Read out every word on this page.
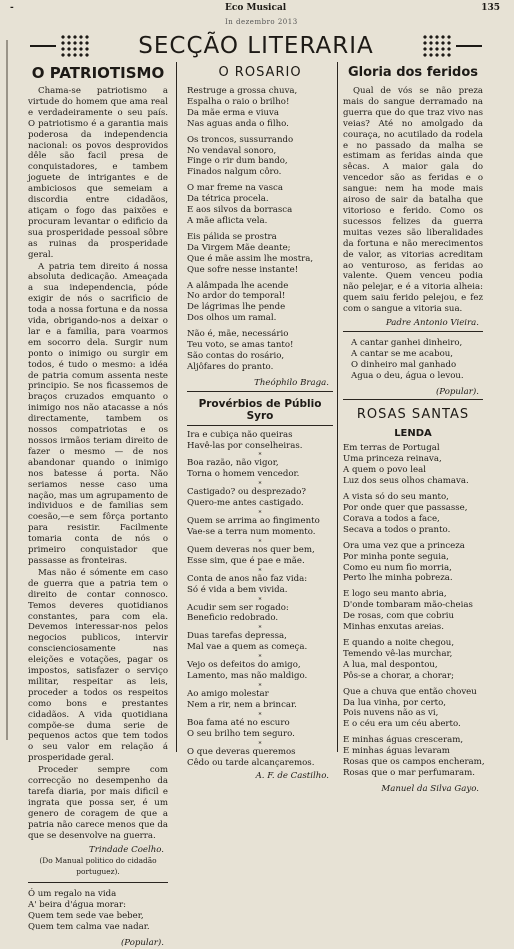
-	Eco Musical	135
In dezembro 2013
SECÇÃO LITERARIA
O PATRIOTISMO

Chama-se patriotismo a virtude do homem que ama real e verdadeiramente o seu país. O patriotismo é a garantia mais poderosa da independencia nacional: os povos desprovidos dêle são facil presa de conquistadores, e tambem joguete de intrigantes e de ambiciosos que semeiam a discordia entre cidadãos, atiçam o fogo das paixões e procuram levantar o edificio da sua prosperidade pessoal sôbre as ruinas da prosperidade geral.

A patria tem direito á nossa absoluta dedicação. Ameaçada a sua independencia, póde exigir de nós o sacrificio de toda a nossa fortuna e da nossa vida, obrigando-nos a deixar o lar e a familia, para voarmos em socorro dela. Surgir num ponto o inimigo ou surgir em todos, é tudo o mesmo: a idéa de patria comum assenta neste principio. Se nos ficassemos de braços cruzados emquanto o inimigo nos não atacasse a nós directamente, tambem os nossos compatriotas e os nossos irmãos teriam direito de fazer o mesmo — de nos abandonar quando o inimigo nos batesse á porta. Não seriamos nesse caso uma nação, mas um agrupamento de individuos e de familias sem coesão,—e sem fôrça portanto para resistir. Facilmente tomaria conta de nós o primeiro conquistador que passasse as fronteiras.

Mas não é sómente em caso de guerra que a patria tem o direito de contar connosco. Temos deveres quotidianos constantes, para com ela. Devemos interessar-nos pelos negocios publicos, intervir conscienciosamente nas eleições e votações, pagar os impostos, satisfazer o serviço militar, respeitar as leis, proceder a todos os respeitos como bons e prestantes cidadãos. A vida quotidiana compõe-se duma serie de pequenos actos que tem todos o seu valor em relação á prosperidade geral.

Proceder sempre com correcção no desempenho da tarefa diaria, por mais dificil e ingrata que possa ser, é um genero de coragem de que a patria não carece menos que da que se desenvolve na guerra.

Trindade Coelho.
(Do Manual politico do cidadão portuguez).
Ó um regalo na vida
A' beira d'água morar:
Quem tem sede vae beber,
Quem tem calma vae nadar.
(Popular).
O ROSARIO
Restruge a grossa chuva,
Espalha o raio o brilho!
Da mãe erma e viuva
Nas aguas anda o filho.
Os troncos, sussurrando
No vendaval sonoro,
Finge o rir dum bando,
Finados nalgum côro.
O mar freme na vasca
Da tétrica procela.
E aos silvos da borrasca
A mãe aflicta vela.
Eis pálida se prostra
Da Virgem Mãe deante;
Que é mãe assim lhe mostra,
Que sofre nesse instante!
A alâmpada lhe acende
No ardor do temporal!
De lágrimas lhe pende
Dos olhos um ramal.
Não é, mãe, necessário
Teu voto, se amas tanto!
São contas do rosário,
Aljôfares do pranto.
Theóphilo Braga.
Provérbios de Públio Syro
Ira e cubiça não queiras
Havê-las por conselheiras.
*
Boa razão, não vigor,
Torna o homem vencedor.
*
Castigado? ou desprezado?
Quero-me antes castigado.
*
Quem se arrima ao fingimento
Vae-se a terra num momento.
*
Quem deveras nos quer bem,
Esse sim, que é pae e mãe.
*
Conta de anos não faz vida:
Só é vida a bem vivida.
*
Acudir sem ser rogado:
Beneficio redobrado.
*
Duas tarefas depressa,
Mal vae a quem as começa.
*
Vejo os defeitos do amigo,
Lamento, mas não maldigo.
*
Ao amigo molestar
Nem a rir, nem a brincar.
*
Boa fama até no escuro
O seu brilho tem seguro.
*
O que deveras queremos
Cêdo ou tarde alcançaremos.
A. F. de Castilho.
Gloria dos feridos

Qual de vós se não preza mais do sangue derramado na guerra que do que traz vivo nas veias? Até no amolgado da couraça, no acutilado da rodela e no passado da malha se estimam as feridas ainda que sêcas. A maior gala do vencedor são as feridas e o sangue: nem ha mode mais airoso de sair da batalha que vitorioso e ferido. Como os sucessos felizes da guerra muitas vezes são liberalidades da fortuna e não merecimentos de valor, as vitorias acreditam ao venturoso, as feridas ao valente. Quem venceu podia não pelejar, e é a vitoria alheia: quem saiu ferido pelejou, e fez com o sangue a vitoria sua.

Padre Antonio Vieira.
A cantar ganhei dinheiro,
A cantar se me acabou,
O dinheiro mal ganhado
Agua o deu, água o levou.
(Popular).
ROSAS SANTAS
LENDA
Em terras de Portugal
Uma princeza reinava,
A quem o povo leal
Luz dos seus olhos chamava.
A vista só do seu manto,
Por onde quer que passasse,
Corava a todos a face,
Secava a todos o pranto.
Ora uma vez que a princeza
Por minha ponte seguia,
Como eu num fio morria,
Perto lhe minha pobreza.
E logo seu manto abria,
D'onde tombaram mão-cheias
De rosas, com que cobriu
Minhas enxutas areias.
E quando a noite chegou,
Temendo vê-las murchar,
A lua, mal despontou,
Pôs-se a chorar, a chorar;
Que a chuva que então choveu
Da lua vinha, por certo,
Pois nuvens não as vi,
E o céu era um céu aberto.
E minhas águas cresceram,
E minhas águas levaram
Rosas que os campos encheram,
Rosas que o mar perfumaram.
Manuel da Silva Gayo.
